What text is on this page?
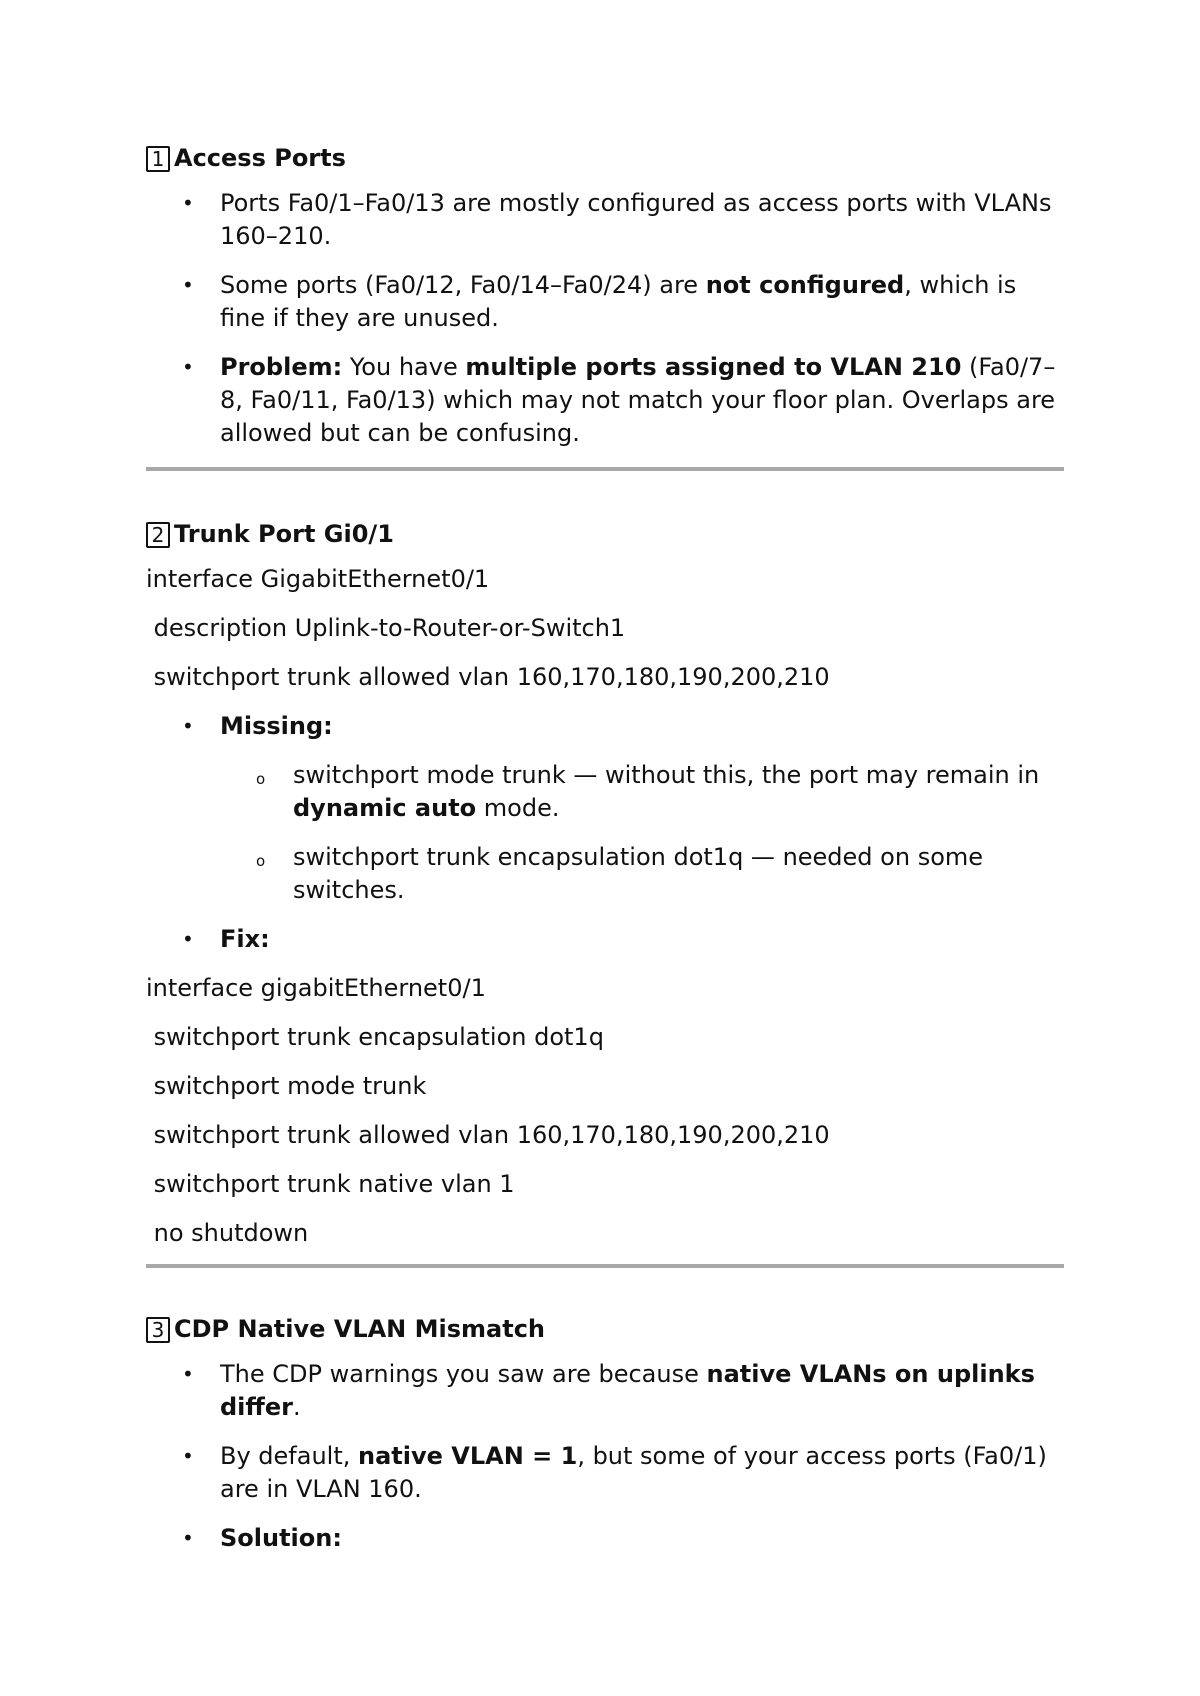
1 Access Ports
• Ports Fa0/1–Fa0/13 are mostly configured as access ports with VLANs 160–210.
• Some ports (Fa0/12, Fa0/14–Fa0/24) are not configured, which is fine if they are unused.
• Problem: You have multiple ports assigned to VLAN 210 (Fa0/7–8, Fa0/11, Fa0/13) which may not match your floor plan. Overlaps are allowed but can be confusing.
2 Trunk Port Gi0/1
interface GigabitEthernet0/1
description Uplink-to-Router-or-Switch1
switchport trunk allowed vlan 160,170,180,190,200,210
• Missing:
o switchport mode trunk — without this, the port may remain in dynamic auto mode.
o switchport trunk encapsulation dot1q — needed on some switches.
• Fix:
interface gigabitEthernet0/1
switchport trunk encapsulation dot1q
switchport mode trunk
switchport trunk allowed vlan 160,170,180,190,200,210
switchport trunk native vlan 1
no shutdown
3 CDP Native VLAN Mismatch
• The CDP warnings you saw are because native VLANs on uplinks differ.
• By default, native VLAN = 1, but some of your access ports (Fa0/1) are in VLAN 160.
• Solution:
